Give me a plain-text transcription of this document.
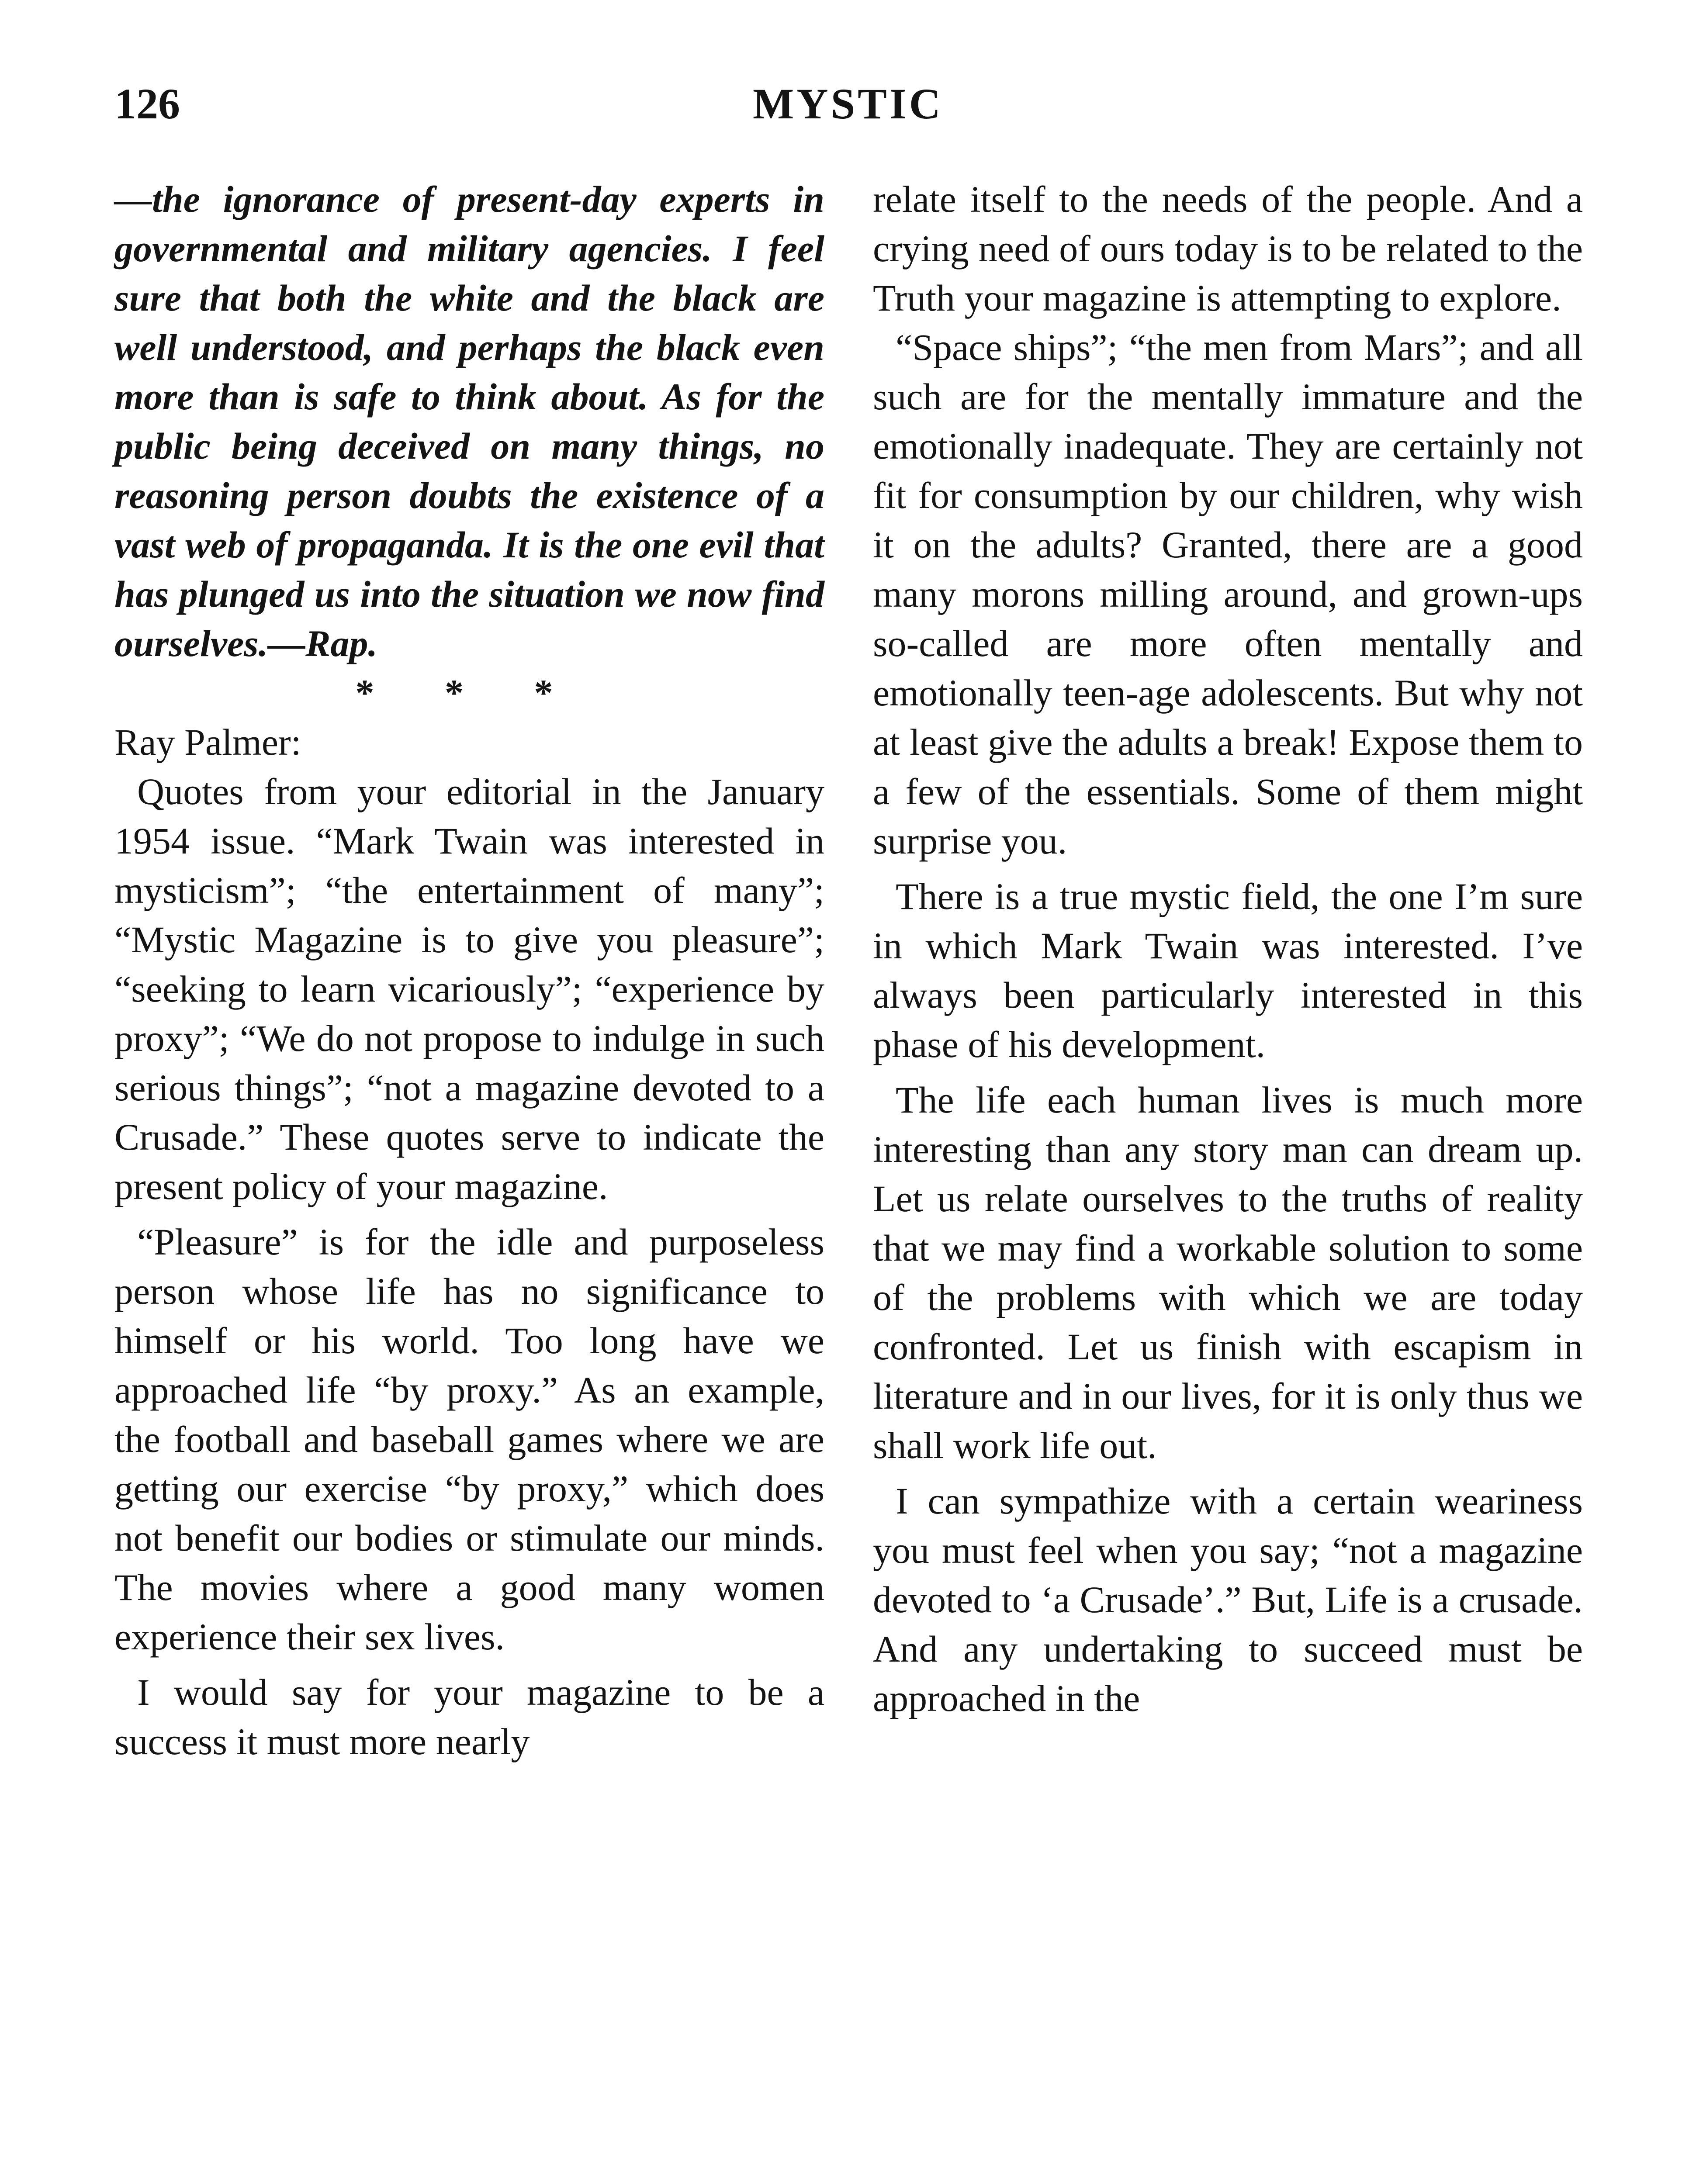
126	MYSTIC

—the ignorance of present-day experts in governmental and military agencies. I feel sure that both the white and the black are well understood, and perhaps the black even more than is safe to think about. As for the public being deceived on many things, no reasoning person doubts the existence of a vast web of propaganda. It is the one evil that has plunged us into the situation we now find ourselves.—Rap.

* * *

Ray Palmer:

Quotes from your editorial in the January 1954 issue. “Mark Twain was interested in mysticism”; “the entertainment of many”; “Mystic Magazine is to give you pleasure”; “seeking to learn vicariously”; “experience by proxy”; “We do not propose to indulge in such serious things”; “not a magazine devoted to a Crusade.” These quotes serve to indicate the present policy of your magazine.

“Pleasure” is for the idle and purposeless person whose life has no significance to himself or his world. Too long have we approached life “by proxy.” As an example, the football and baseball games where we are getting our exercise “by proxy,” which does not benefit our bodies or stimulate our minds. The movies where a good many women experience their sex lives.

I would say for your magazine to be a success it must more nearly

relate itself to the needs of the people. And a crying need of ours today is to be related to the Truth your magazine is attempting to explore.

“Space ships”; “the men from Mars”; and all such are for the mentally immature and the emotionally inadequate. They are certainly not fit for consumption by our children, why wish it on the adults? Granted, there are a good many morons milling around, and grown-ups so-called are more often mentally and emotionally teen-age adolescents. But why not at least give the adults a break! Expose them to a few of the essentials. Some of them might surprise you.

There is a true mystic field, the one I’m sure in which Mark Twain was interested. I’ve always been particularly interested in this phase of his development.

The life each human lives is much more interesting than any story man can dream up. Let us relate ourselves to the truths of reality that we may find a workable solution to some of the problems with which we are today confronted. Let us finish with escapism in literature and in our lives, for it is only thus we shall work life out.

I can sympathize with a certain weariness you must feel when you say; “not a magazine devoted to ‘a Crusade’.” But, Life is a crusade. And any undertaking to succeed must be approached in the
